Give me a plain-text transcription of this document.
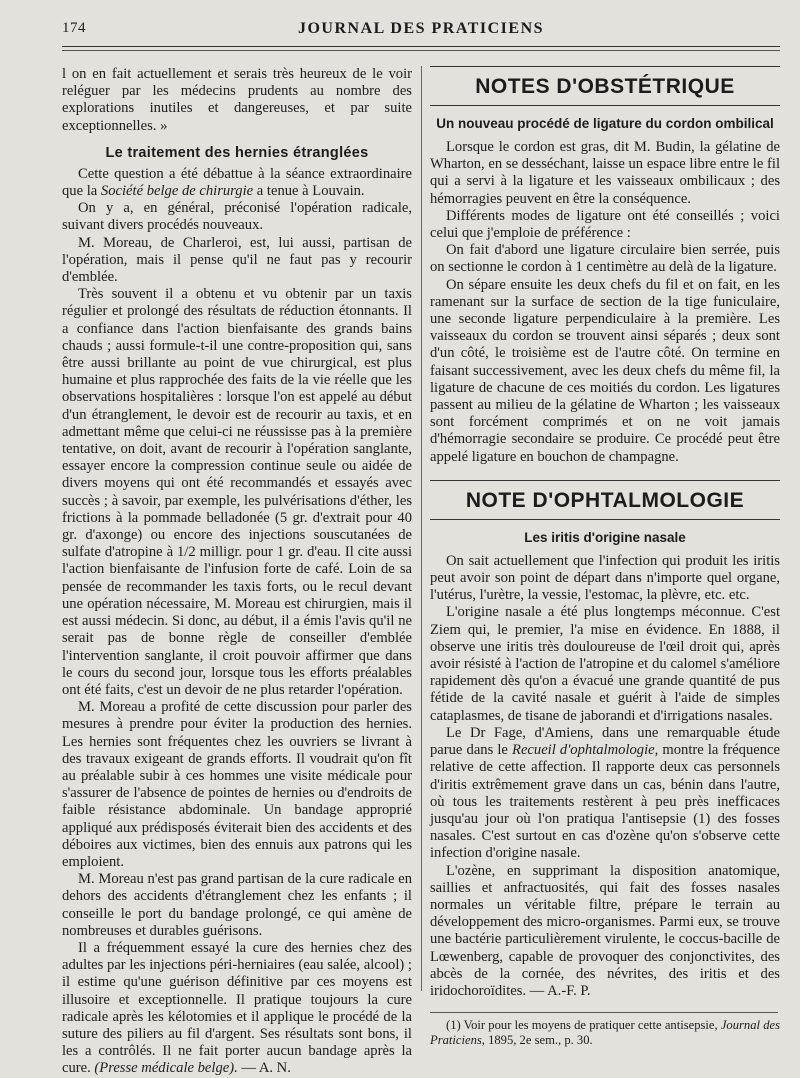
174	JOURNAL DES PRATICIENS

l on en fait actuellement et serais très heureux de le voir reléguer par les médecins prudents au nombre des explorations inutiles et dangereuses, et par suite exceptionnelles. »

Le traitement des hernies étranglées

Cette question a été débattue à la séance extraordinaire que la Société belge de chirurgie a tenue à Louvain.

On y a, en général, préconisé l'opération radicale, suivant divers procédés nouveaux.

M. Moreau, de Charleroi, est, lui aussi, partisan de l'opération, mais il pense qu'il ne faut pas y recourir d'emblée.

Très souvent il a obtenu et vu obtenir par un taxis régulier et prolongé des résultats de réduction étonnants. Il a confiance dans l'action bienfaisante des grands bains chauds ; aussi formule-t-il une contre-proposition qui, sans être aussi brillante au point de vue chirurgical, est plus humaine et plus rapprochée des faits de la vie réelle que les observations hospitalières : lorsque l'on est appelé au début d'un étranglement, le devoir est de recourir au taxis, et en admettant même que celui-ci ne réussisse pas à la première tentative, on doit, avant de recourir à l'opération sanglante, essayer encore la compression continue seule ou aidée de divers moyens qui ont été recommandés et essayés avec succès ; à savoir, par exemple, les pulvérisations d'éther, les frictions à la pommade belladonée (5 gr. d'extrait pour 40 gr. d'axonge) ou encore des injections souscutanées de sulfate d'atropine à 1/2 milligr. pour 1 gr. d'eau. Il cite aussi l'action bienfaisante de l'infusion forte de café. Loin de sa pensée de recommander les taxis forts, ou le recul devant une opération nécessaire, M. Moreau est chirurgien, mais il est aussi médecin. Si donc, au début, il a émis l'avis qu'il ne serait pas de bonne règle de conseiller d'emblée l'intervention sanglante, il croit pouvoir affirmer que dans le cours du second jour, lorsque tous les efforts préalables ont été faits, c'est un devoir de ne plus retarder l'opération.

M. Moreau a profité de cette discussion pour parler des mesures à prendre pour éviter la production des hernies. Les hernies sont fréquentes chez les ouvriers se livrant à des travaux exigeant de grands efforts. Il voudrait qu'on fît au préalable subir à ces hommes une visite médicale pour s'assurer de l'absence de pointes de hernies ou d'endroits de faible résistance abdominale. Un bandage approprié appliqué aux prédisposés éviterait bien des accidents et des déboires aux victimes, bien des ennuis aux patrons qui les emploient.

M. Moreau n'est pas grand partisan de la cure radicale en dehors des accidents d'étranglement chez les enfants ; il conseille le port du bandage prolongé, ce qui amène de nombreuses et durables guérisons.

Il a fréquemment essayé la cure des hernies chez des adultes par les injections péri-herniaires (eau salée, alcool) ; il estime qu'une guérison définitive par ces moyens est illusoire et exceptionnelle. Il pratique toujours la cure radicale après les kélotomies et il applique le procédé de la suture des piliers au fil d'argent. Ses résultats sont bons, il les a contrôlés. Il ne fait porter aucun bandage après la cure. (Presse médicale belge). — A. N.

NOTES D'OBSTÉTRIQUE
Un nouveau procédé de ligature du cordon ombilical

Lorsque le cordon est gras, dit M. Budin, la gélatine de Wharton, en se desséchant, laisse un espace libre entre le fil qui a servi à la ligature et les vaisseaux ombilicaux ; des hémorragies peuvent en être la conséquence.

Différents modes de ligature ont été conseillés ; voici celui que j'emploie de préférence :

On fait d'abord une ligature circulaire bien serrée, puis on sectionne le cordon à 1 centimètre au delà de la ligature.

On sépare ensuite les deux chefs du fil et on fait, en les ramenant sur la surface de section de la tige funiculaire, une seconde ligature perpendiculaire à la première. Les vaisseaux du cordon se trouvent ainsi séparés ; deux sont d'un côté, le troisième est de l'autre côté. On termine en faisant successivement, avec les deux chefs du même fil, la ligature de chacune de ces moitiés du cordon. Les ligatures passent au milieu de la gélatine de Wharton ; les vaisseaux sont forcément comprimés et on ne voit jamais d'hémorragie secondaire se produire. Ce procédé peut être appelé ligature en bouchon de champagne.

NOTE D'OPHTALMOLOGIE
Les iritis d'origine nasale

On sait actuellement que l'infection qui produit les iritis peut avoir son point de départ dans n'importe quel organe, l'utérus, l'urètre, la vessie, l'estomac, la plèvre, etc. etc.

L'origine nasale a été plus longtemps méconnue. C'est Ziem qui, le premier, l'a mise en évidence. En 1888, il observe une iritis très douloureuse de l'œil droit qui, après avoir résisté à l'action de l'atropine et du calomel s'améliore rapidement dès qu'on a évacué une grande quantité de pus fétide de la cavité nasale et guérit à l'aide de simples cataplasmes, de tisane de jaborandi et d'irrigations nasales.

Le Dr Fage, d'Amiens, dans une remarquable étude parue dans le Recueil d'ophtalmologie, montre la fréquence relative de cette affection. Il rapporte deux cas personnels d'iritis extrêmement grave dans un cas, bénin dans l'autre, où tous les traitements restèrent à peu près inefficaces jusqu'au jour où l'on pratiqua l'antisepsie (1) des fosses nasales. C'est surtout en cas d'ozène qu'on s'observe cette infection d'origine nasale.

L'ozène, en supprimant la disposition anatomique, saillies et anfractuosités, qui fait des fosses nasales normales un véritable filtre, prépare le terrain au développement des micro-organismes. Parmi eux, se trouve une bactérie particulièrement virulente, le coccus-bacille de Lœwenberg, capable de provoquer des conjonctivites, des abcès de la cornée, des névrites, des iritis et des iridochoroïdites. — A.-F. P.

(1) Voir pour les moyens de pratiquer cette antisepsie, Journal des Praticiens, 1895, 2e sem., p. 30.
